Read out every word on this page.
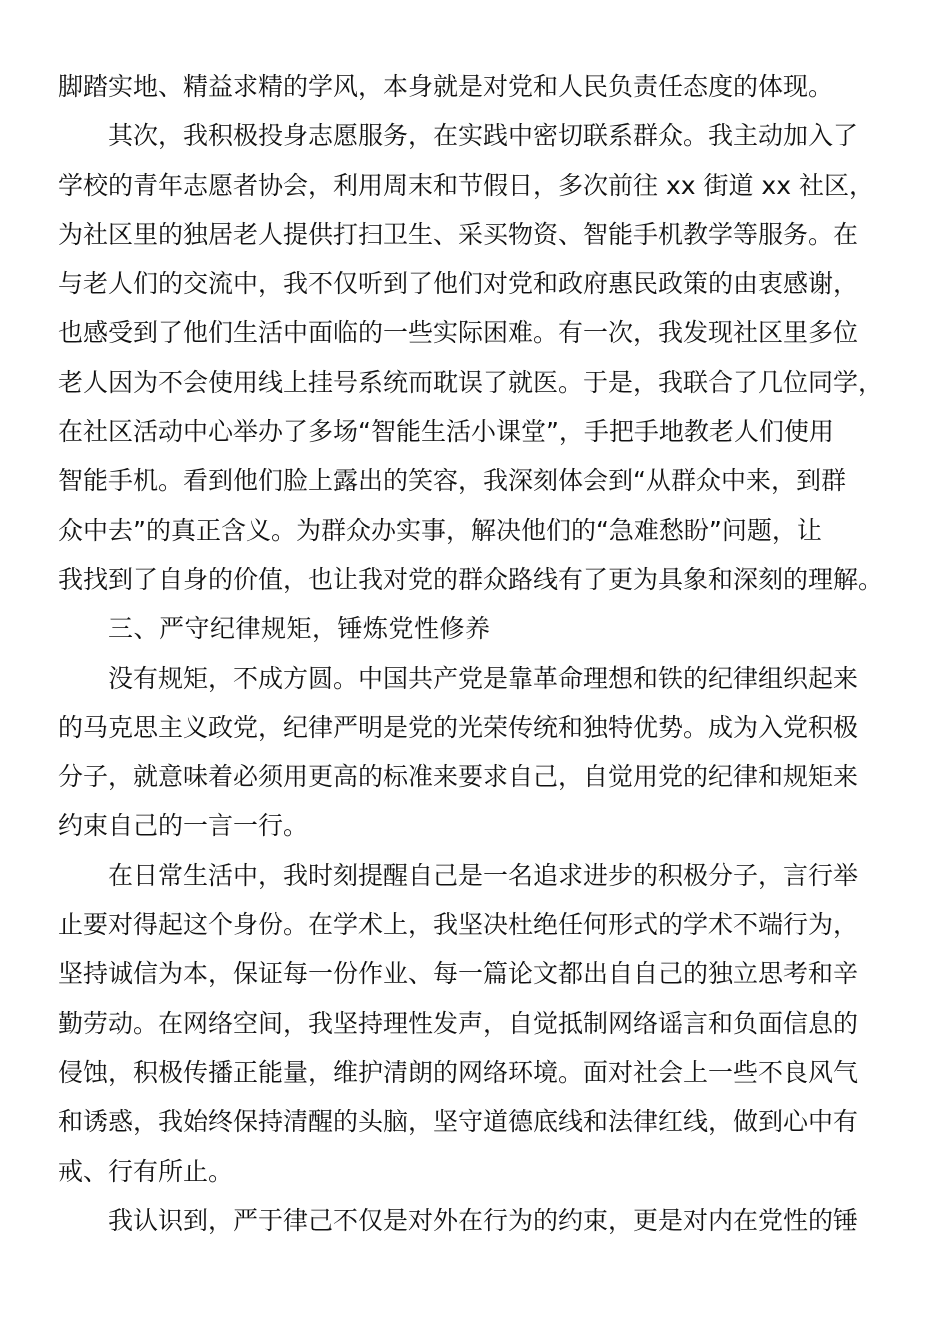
脚踏实地、精益求精的学风，本身就是对党和人民负责任态度的体现。
其次，我积极投身志愿服务，在实践中密切联系群众。我主动加入了
学校的青年志愿者协会，利用周末和节假日，多次前往 xx 街道 xx 社区，
为社区里的独居老人提供打扫卫生、采买物资、智能手机教学等服务。在
与老人们的交流中，我不仅听到了他们对党和政府惠民政策的由衷感谢，
也感受到了他们生活中面临的一些实际困难。有一次，我发现社区里多位
老人因为不会使用线上挂号系统而耽误了就医。于是，我联合了几位同学，
在社区活动中心举办了多场“智能生活小课堂”，手把手地教老人们使用
智能手机。看到他们脸上露出的笑容，我深刻体会到“从群众中来，到群
众中去”的真正含义。为群众办实事，解决他们的“急难愁盼”问题，让
我找到了自身的价值，也让我对党的群众路线有了更为具象和深刻的理解。
三、严守纪律规矩，锤炼党性修养
没有规矩，不成方圆。中国共产党是靠革命理想和铁的纪律组织起来
的马克思主义政党，纪律严明是党的光荣传统和独特优势。成为入党积极
分子，就意味着必须用更高的标准来要求自己，自觉用党的纪律和规矩来
约束自己的一言一行。
在日常生活中，我时刻提醒自己是一名追求进步的积极分子，言行举
止要对得起这个身份。在学术上，我坚决杜绝任何形式的学术不端行为，
坚持诚信为本，保证每一份作业、每一篇论文都出自自己的独立思考和辛
勤劳动。在网络空间，我坚持理性发声，自觉抵制网络谣言和负面信息的
侵蚀，积极传播正能量，维护清朗的网络环境。面对社会上一些不良风气
和诱惑，我始终保持清醒的头脑，坚守道德底线和法律红线，做到心中有
戒、行有所止。
我认识到，严于律己不仅是对外在行为的约束，更是对内在党性的锤
